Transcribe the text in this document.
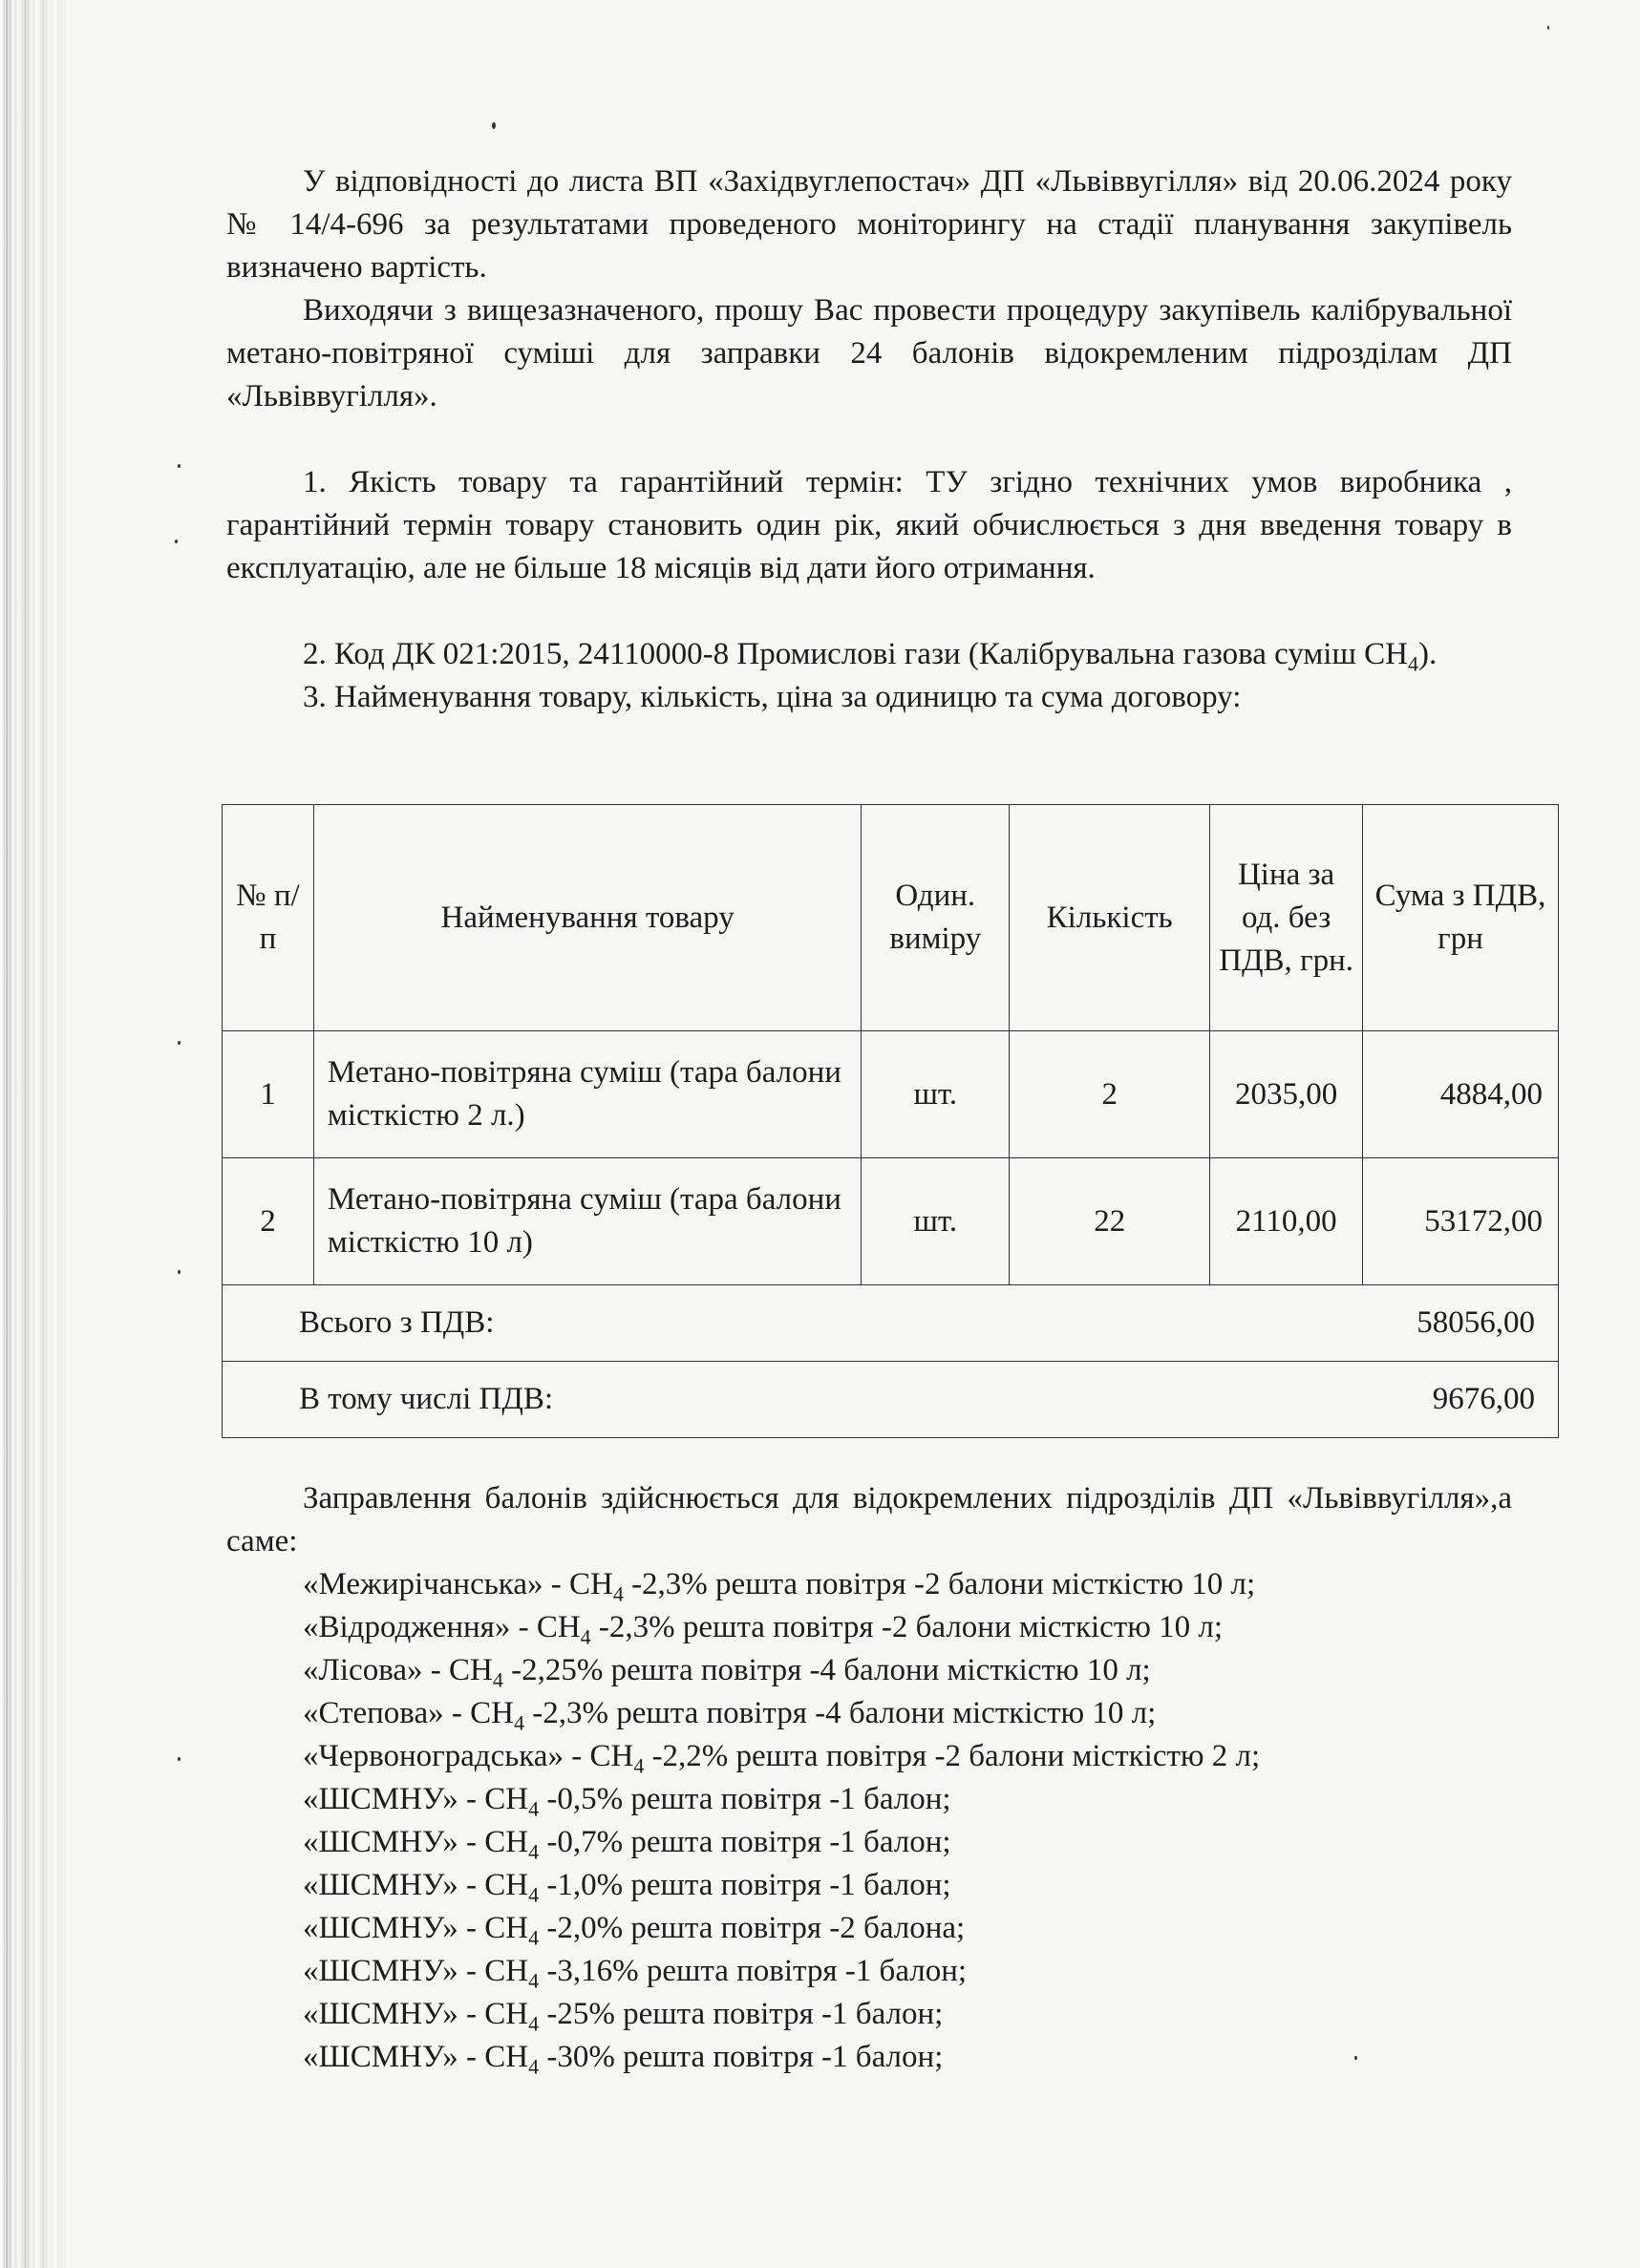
У відповідності до листа ВП «Західвуглепостач» ДП «Львіввугілля» від 20.06.2024 року № 14/4-696 за результатами проведеного моніторингу на стадії планування закупівель визначено вартість.

Виходячи з вищезазначеного, прошу Вас провести процедуру закупівель калібрувальної метано-повітряної суміші для заправки 24 балонів відокремленим підрозділам ДП «Львіввугілля».

1. Якість товару та гарантійний термін: ТУ згідно технічних умов виробника , гарантійний термін товару становить один рік, який обчислюється з дня введення товару в експлуатацію, але не більше 18 місяців від дати його отримання.

2. Код ДК 021:2015, 24110000-8 Промислові гази (Калібрувальна газова суміш $СН_4$).

3. Найменування товару, кількість, ціна за одиницю та сума договору:

№ п/ п	Найменування товару	Один. виміру	Кількість	Ціна за од. без ПДВ, грн.	Сума з ПДВ, грн
1	Метано-повітряна суміш (тара балони місткістю 2 л.)	шт.	2	2035,00	4884,00
2	Метано-повітряна суміш (тара балони місткістю 10 л)	шт.	22	2110,00	53172,00

Всього з ПДВ: 58056,00					

В тому числі ПДВ: 9676,00					

Заправлення балонів здійснюється для відокремлених підрозділів ДП «Львіввугілля»,а саме:

«Межирічанська» - $СН_4$ -2,3% решта повітря -2 балони місткістю 10 л;
«Відродження» - $СН_4$ -2,3% решта повітря -2 балони місткістю 10 л;
«Лісова» - $СН_4$ -2,25% решта повітря -4 балони місткістю 10 л;
«Степова» - $СН_4$ -2,3% решта повітря -4 балони місткістю 10 л;
«Червоноградська» - $СН_4$ -2,2% решта повітря -2 балони місткістю 2 л;
«ШСМНУ» - $СН_4$ -0,5% решта повітря -1 балон;
«ШСМНУ» - $СН_4$ -0,7% решта повітря -1 балон;
«ШСМНУ» - $СН_4$ -1,0% решта повітря -1 балон;
«ШСМНУ» - $СН_4$ -2,0% решта повітря -2 балона;
«ШСМНУ» - $СН_4$ -3,16% решта повітря -1 балон;
«ШСМНУ» - $СН_4$ -25% решта повітря -1 балон;
«ШСМНУ» - $СН_4$ -30% решта повітря -1 балон;
